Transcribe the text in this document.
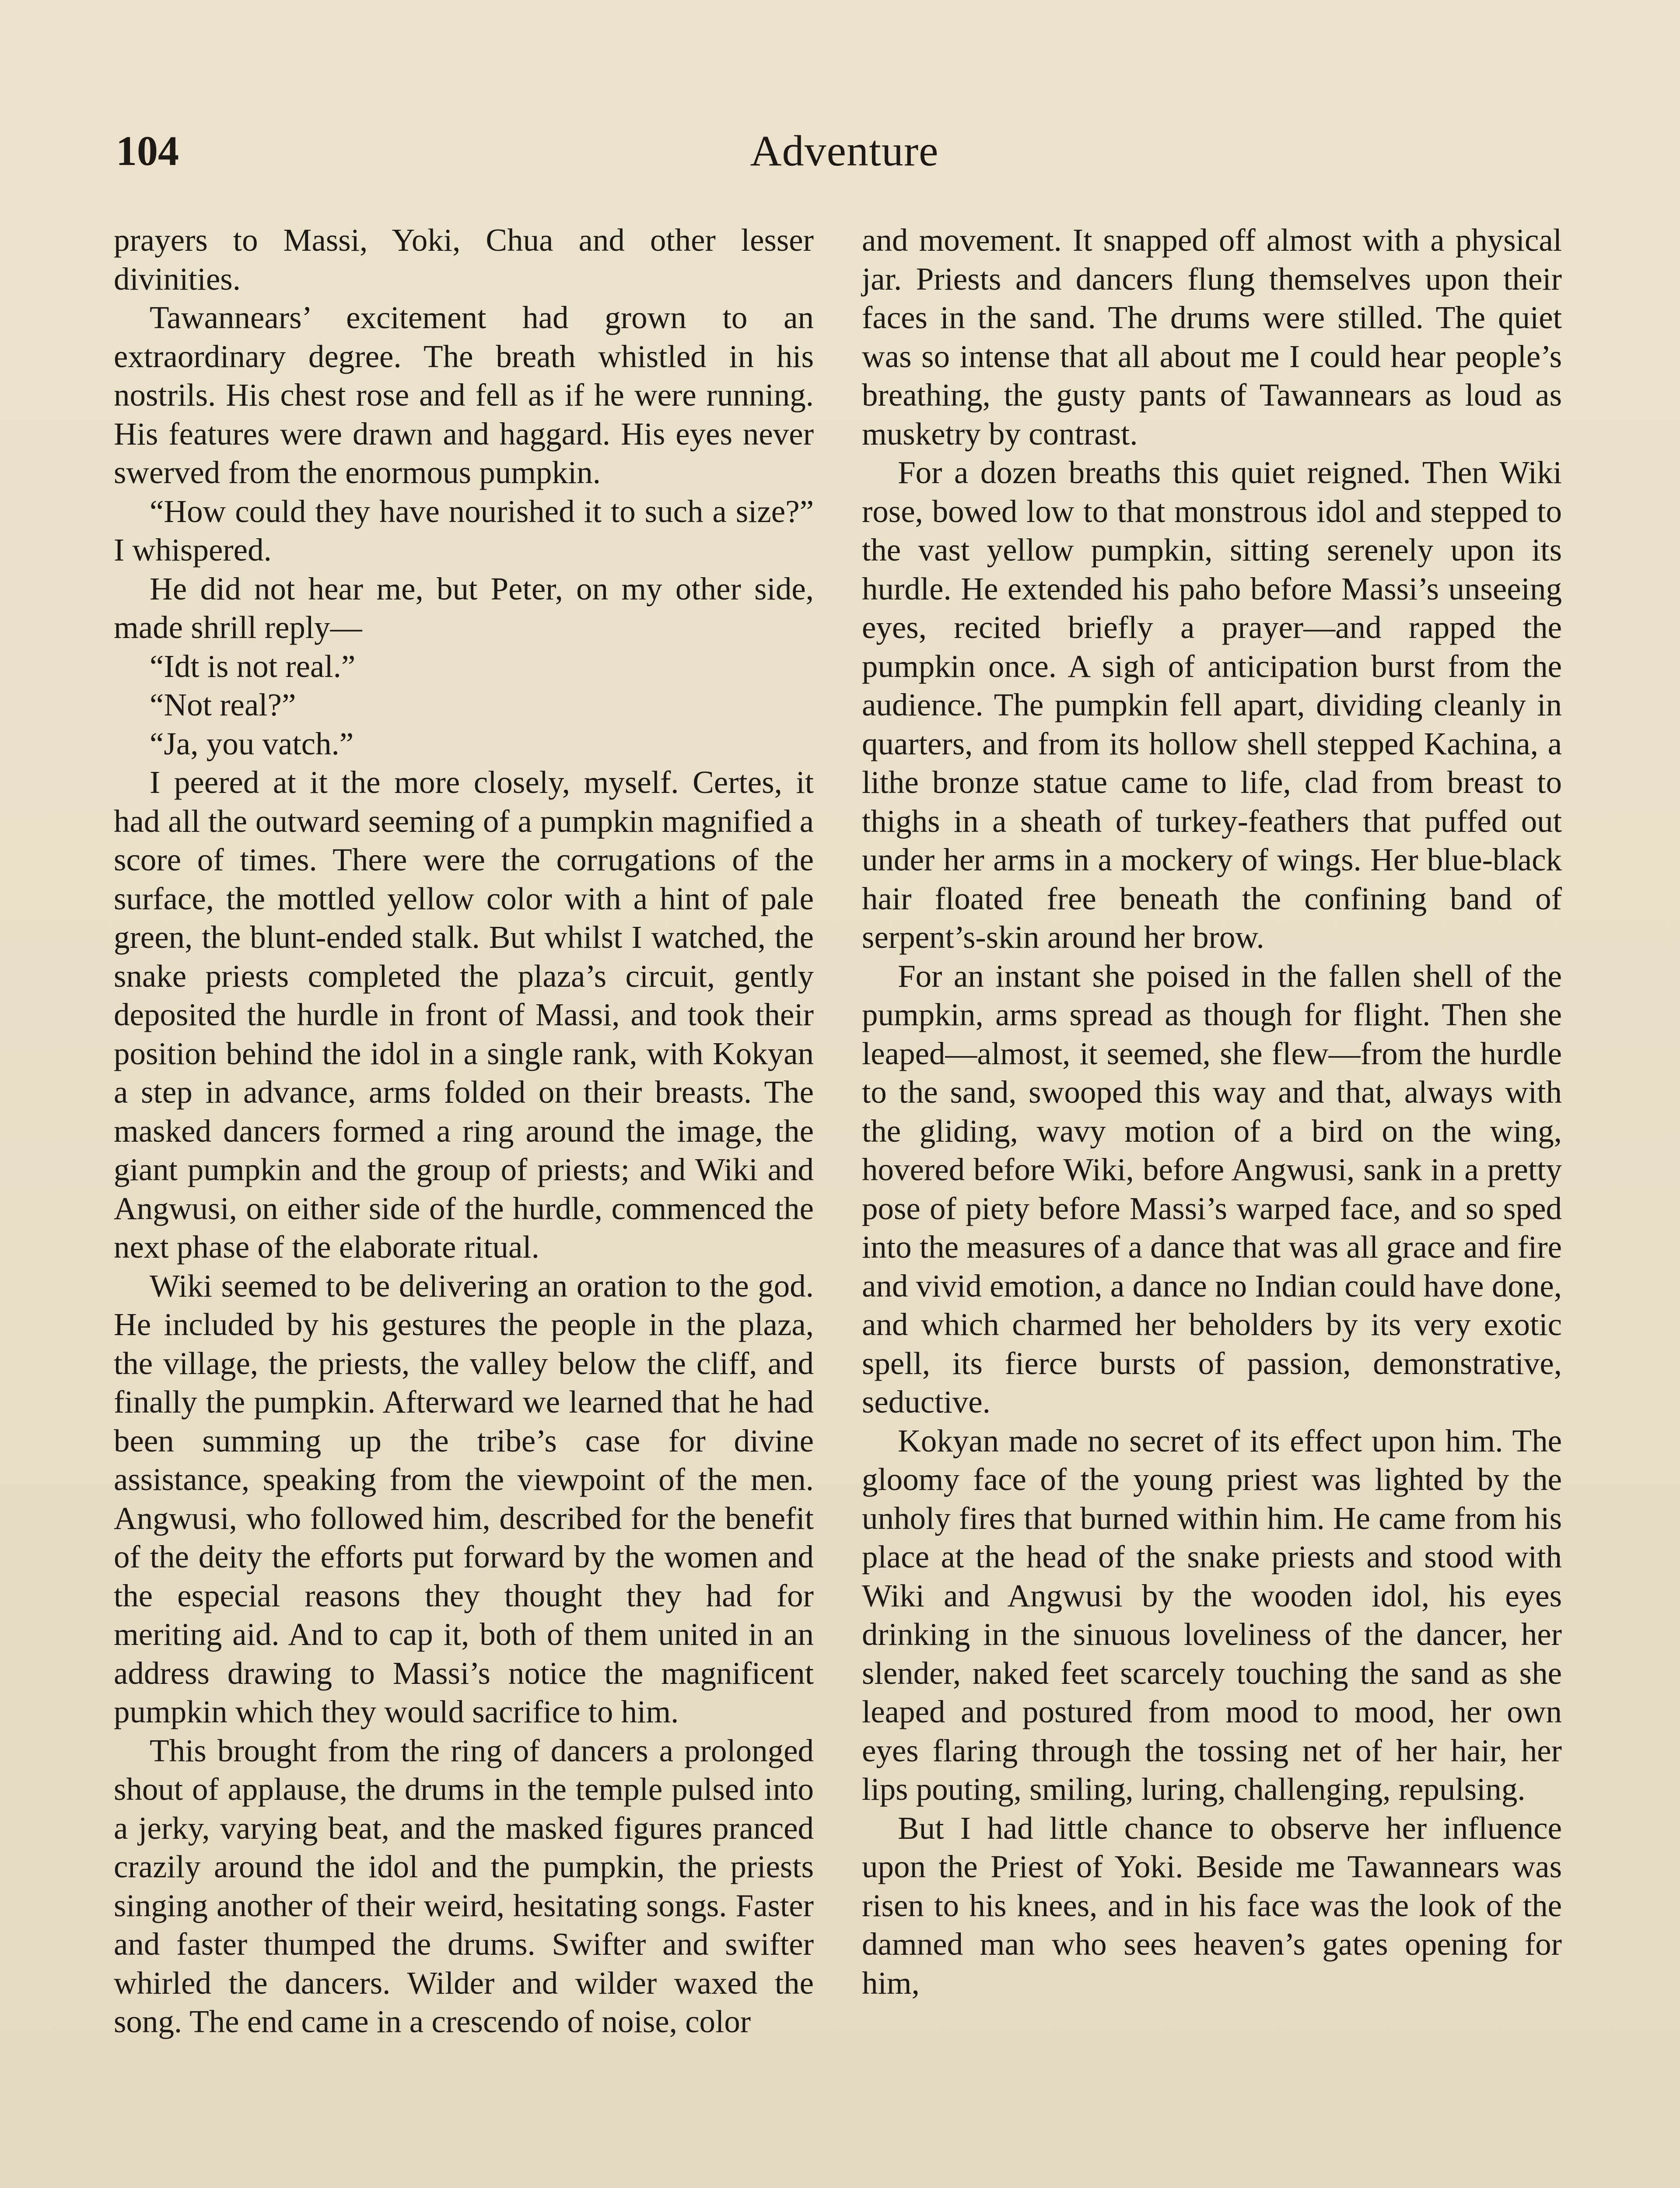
104	Adventure

prayers to Massi, Yoki, Chua and other lesser divinities.

Tawannears’ excitement had grown to an extraordinary degree. The breath whistled in his nostrils. His chest rose and fell as if he were running. His features were drawn and haggard. His eyes never swerved from the enormous pumpkin.

“How could they have nourished it to such a size?” I whispered.

He did not hear me, but Peter, on my other side, made shrill reply—

“Idt is not real.”

“Not real?”

“Ja, you vatch.”

I peered at it the more closely, myself. Certes, it had all the outward seeming of a pumpkin magnified a score of times. There were the corrugations of the surface, the mottled yellow color with a hint of pale green, the blunt-ended stalk. But whilst I watched, the snake priests completed the plaza’s circuit, gently deposited the hurdle in front of Massi, and took their position behind the idol in a single rank, with Kokyan a step in advance, arms folded on their breasts. The masked dancers formed a ring around the image, the giant pumpkin and the group of priests; and Wiki and Angwusi, on either side of the hurdle, commenced the next phase of the elaborate ritual.

Wiki seemed to be delivering an oration to the god. He included by his gestures the people in the plaza, the village, the priests, the valley below the cliff, and finally the pumpkin. Afterward we learned that he had been summing up the tribe’s case for divine assistance, speaking from the viewpoint of the men. Angwusi, who followed him, described for the benefit of the deity the efforts put forward by the women and the especial reasons they thought they had for meriting aid. And to cap it, both of them united in an address drawing to Massi’s notice the magnificent pumpkin which they would sacrifice to him.

This brought from the ring of dancers a prolonged shout of applause, the drums in the temple pulsed into a jerky, varying beat, and the masked figures pranced crazily around the idol and the pumpkin, the priests singing another of their weird, hesitating songs. Faster and faster thumped the drums. Swifter and swifter whirled the dancers. Wilder and wilder waxed the song. The end came in a crescendo of noise, color

and movement. It snapped off almost with a physical jar. Priests and dancers flung themselves upon their faces in the sand. The drums were stilled. The quiet was so intense that all about me I could hear people’s breathing, the gusty pants of Tawannears as loud as musketry by contrast.

For a dozen breaths this quiet reigned. Then Wiki rose, bowed low to that monstrous idol and stepped to the vast yellow pumpkin, sitting serenely upon its hurdle. He extended his paho before Massi’s unseeing eyes, recited briefly a prayer—and rapped the pumpkin once. A sigh of anticipation burst from the audience. The pumpkin fell apart, dividing cleanly in quarters, and from its hollow shell stepped Kachina, a lithe bronze statue came to life, clad from breast to thighs in a sheath of turkey-feathers that puffed out under her arms in a mockery of wings. Her blue-black hair floated free beneath the confining band of serpent’s-skin around her brow.

For an instant she poised in the fallen shell of the pumpkin, arms spread as though for flight. Then she leaped—almost, it seemed, she flew—from the hurdle to the sand, swooped this way and that, always with the gliding, wavy motion of a bird on the wing, hovered before Wiki, before Angwusi, sank in a pretty pose of piety before Massi’s warped face, and so sped into the measures of a dance that was all grace and fire and vivid emotion, a dance no Indian could have done, and which charmed her beholders by its very exotic spell, its fierce bursts of passion, demonstrative, seductive.

Kokyan made no secret of its effect upon him. The gloomy face of the young priest was lighted by the unholy fires that burned within him. He came from his place at the head of the snake priests and stood with Wiki and Angwusi by the wooden idol, his eyes drinking in the sinuous loveliness of the dancer, her slender, naked feet scarcely touching the sand as she leaped and postured from mood to mood, her own eyes flaring through the tossing net of her hair, her lips pouting, smiling, luring, challenging, repulsing.

But I had little chance to observe her influence upon the Priest of Yoki. Beside me Tawannears was risen to his knees, and in his face was the look of the damned man who sees heaven’s gates opening for him,
